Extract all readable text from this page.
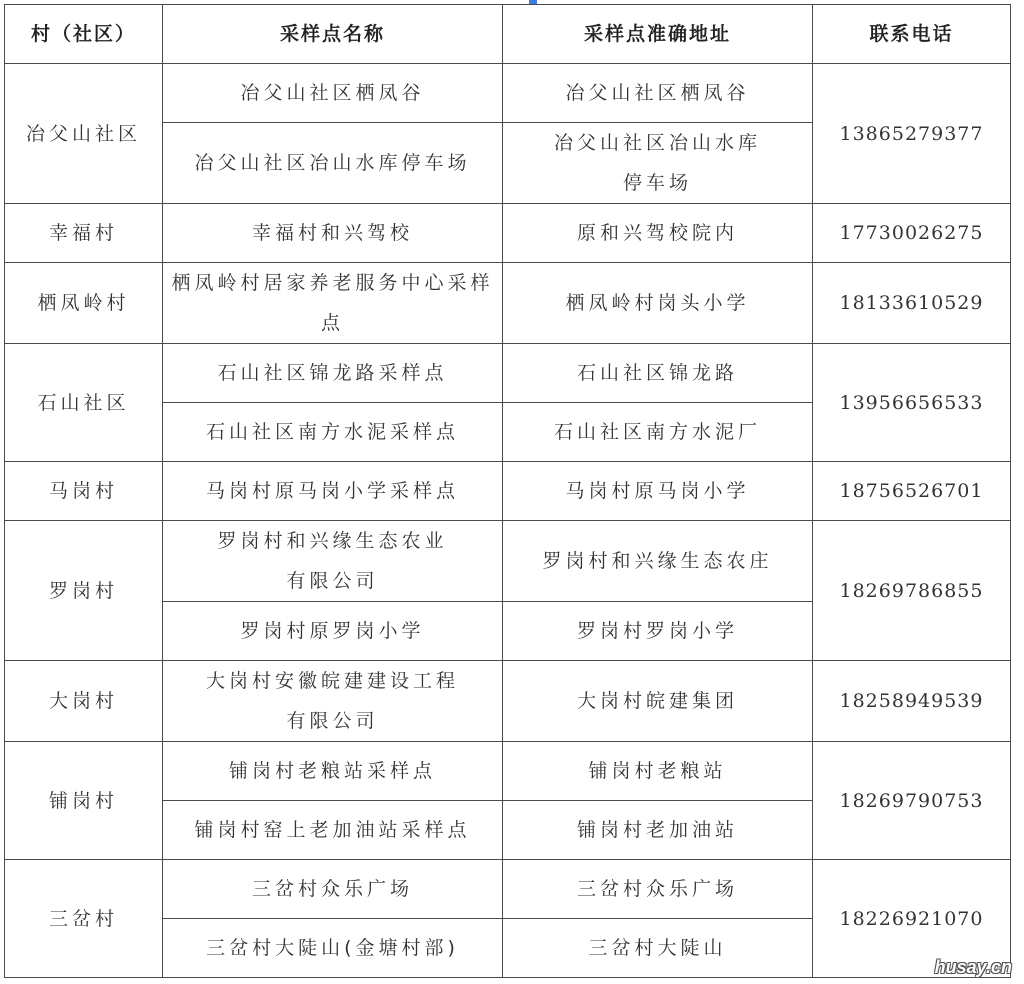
村（社区）	采样点名称	采样点准确地址	联系电话
冶父山社区	冶父山社区栖凤谷	冶父山社区栖凤谷	13865279377
	冶父山社区冶山水库停车场	冶父山社区冶山水库停车场	
幸福村	幸福村和兴驾校	原和兴驾校院内	17730026275
栖凤岭村	栖凤岭村居家养老服务中心采样点	栖凤岭村岗头小学	18133610529
石山社区	石山社区锦龙路采样点	石山社区锦龙路	13956656533
	石山社区南方水泥采样点	石山社区南方水泥厂	
马岗村	马岗村原马岗小学采样点	马岗村原马岗小学	18756526701
罗岗村	罗岗村和兴缘生态农业有限公司	罗岗村和兴缘生态农庄	18269786855
	罗岗村原罗岗小学	罗岗村罗岗小学	
大岗村	大岗村安徽皖建建设工程有限公司	大岗村皖建集团	18258949539
铺岗村	铺岗村老粮站采样点	铺岗村老粮站	18269790753
	铺岗村窑上老加油站采样点	铺岗村老加油站	
三岔村	三岔村众乐广场	三岔村众乐广场	18226921070
	三岔村大陡山(金塘村部)	三岔村大陡山	
husay.cn
